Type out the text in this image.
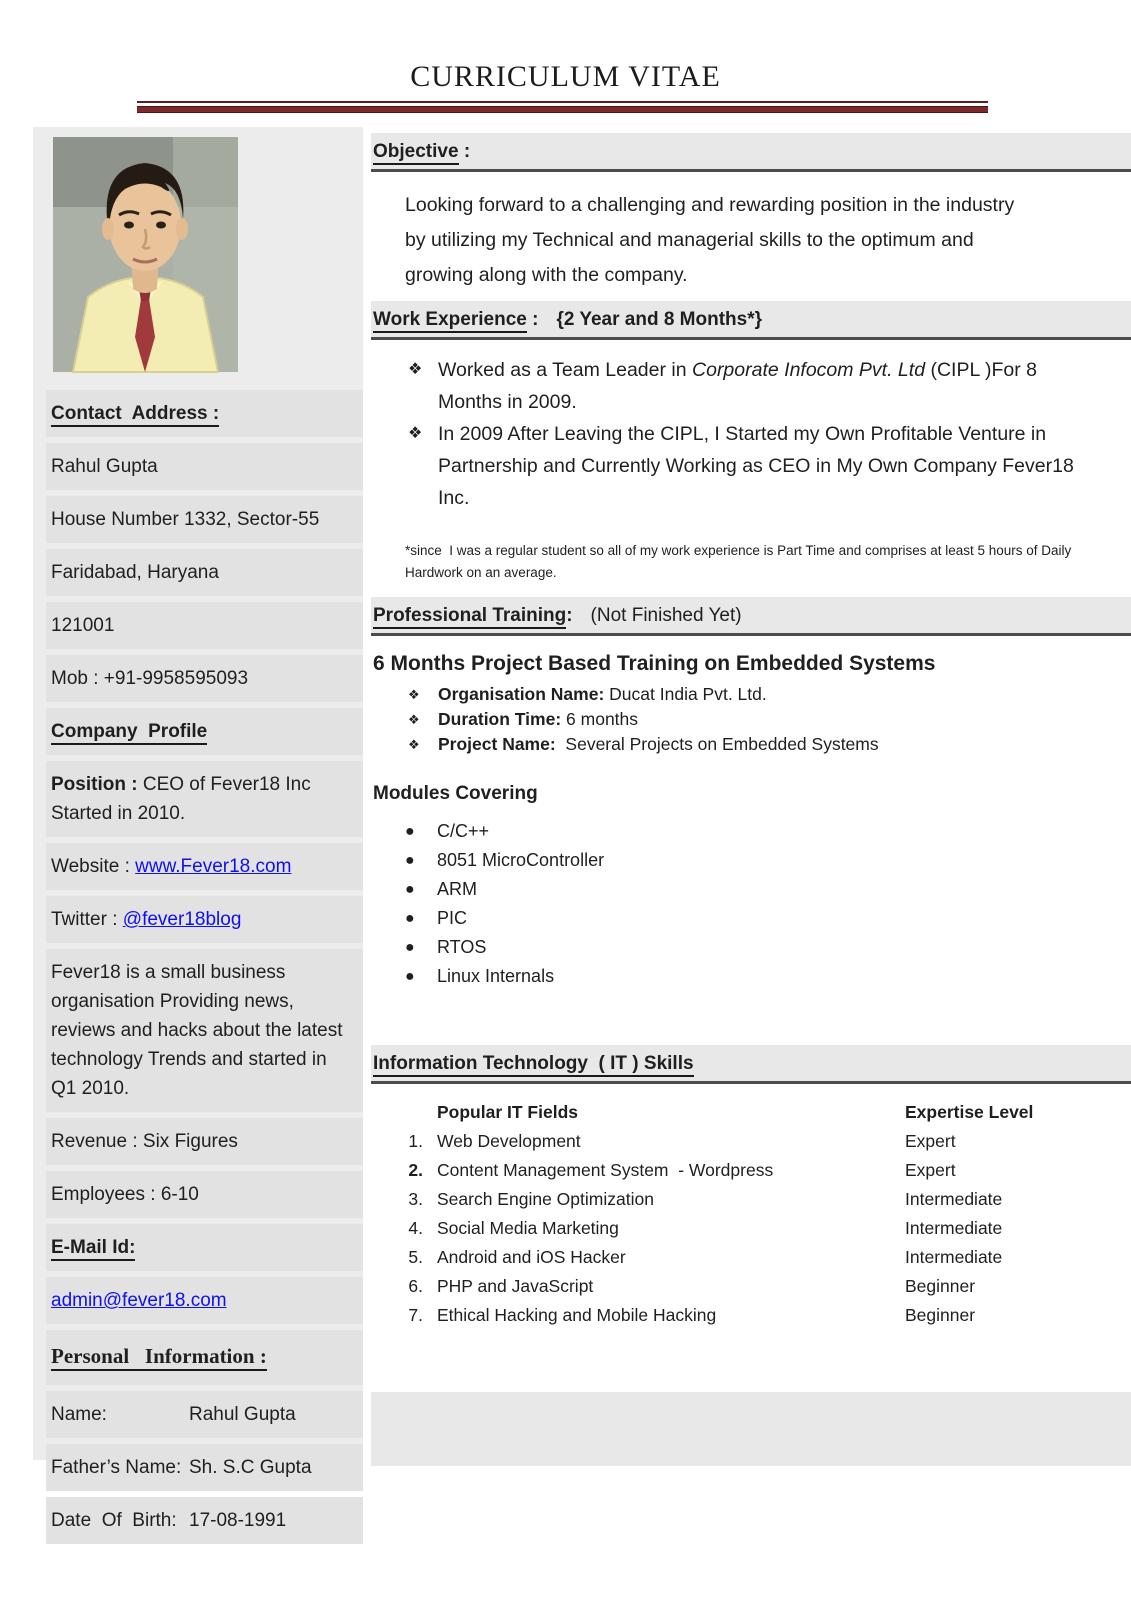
CURRICULUM VITAE
Contact  Address :
Rahul Gupta
House Number 1332, Sector-55
Faridabad, Haryana
121001
Mob : +91-9958595093
Company  Profile
Position : CEO of Fever18 Inc Started in 2010.
Website : www.Fever18.com
Twitter : @fever18blog
Fever18 is a small business organisation Providing news, reviews and hacks about the latest technology Trends and started in Q1 2010.
Revenue : Six Figures
Employees : 6-10
E-Mail Id:
admin@fever18.com
Personal   Information :
Name:	Rahul Gupta
Father’s Name: Sh. S.C Gupta
Date  Of  Birth: 17-08-1991
Objective :

Looking forward to a challenging and rewarding position in the industry by utilizing my Technical and managerial skills to the optimum and growing along with the company.

Work Experience : {2 Year and 8 Months*}
❖ Worked as a Team Leader in Corporate Infocom Pvt. Ltd (CIPL )For 8 Months in 2009.
❖ In 2009 After Leaving the CIPL, I Started my Own Profitable Venture in Partnership and Currently Working as CEO in My Own Company Fever18 Inc.

*since  I was a regular student so all of my work experience is Part Time and comprises at least 5 hours of Daily Hardwork on an average.

Professional Training: (Not Finished Yet)
6 Months Project Based Training on Embedded Systems
❖	Organisation Name: Ducat India Pvt. Ltd.
❖	Duration Time: 6 months
❖	Project Name:  Several Projects on Embedded Systems
Modules Covering
●	C/C++
●	8051 MicroController
●	ARM
●	PIC
●	RTOS
●	Linux Internals
Information Technology  ( IT ) Skills
Popular IT Fields	Expertise Level
1. Web Development	Expert
2. Content Management System  - Wordpress	Expert
3. Search Engine Optimization	Intermediate
4. Social Media Marketing	Intermediate
5. Android and iOS Hacker	Intermediate
6. PHP and JavaScript	Beginner
7. Ethical Hacking and Mobile Hacking	Beginner
